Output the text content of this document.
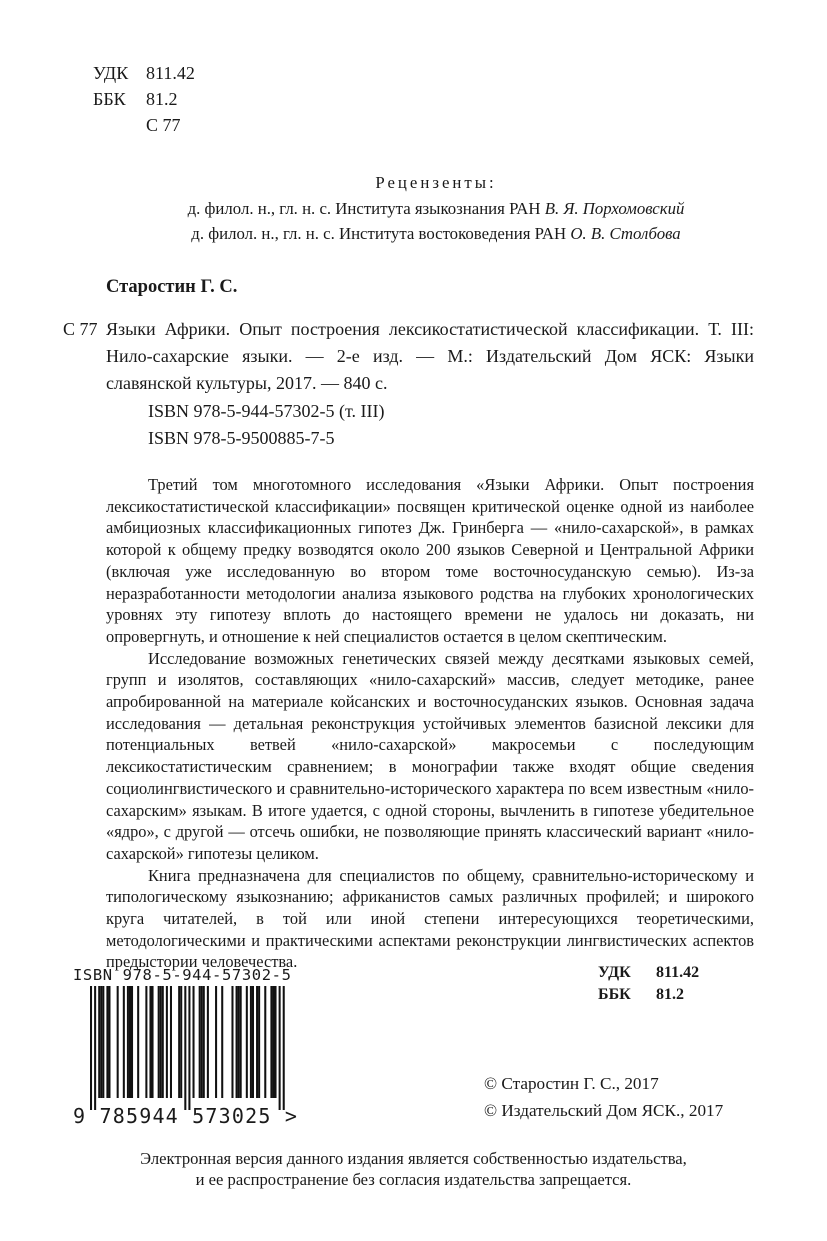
УДК 811.42
ББК	81.2
С 77
Рецензенты:
д. филол. н., гл. н. с. Института языкознания РАН В. Я. Порхомовский
д. филол. н., гл. н. с. Института востоковедения РАН О. В. Столбова
Старостин Г. С.
С 77 Языки Африки. Опыт построения лексикостатистической классификации. Т. III: Нило-сахарские языки. — 2-е изд. — М.: Издательский Дом ЯСК: Языки славянской культуры, 2017. — 840 с.
ISBN 978-5-944-57302-5 (т. III)
ISBN 978-5-9500885-7-5

Третий том многотомного исследования «Языки Африки. Опыт построения лексикостатистической классификации» посвящен критической оценке одной из наиболее амбициозных классификационных гипотез Дж. Гринберга — «нило-сахарской», в рамках которой к общему предку возводятся около 200 языков Северной и Центральной Африки (включая уже исследованную во втором томе восточносуданскую семью). Из-за неразработанности методологии анализа языкового родства на глубоких хронологических уровнях эту гипотезу вплоть до настоящего времени не удалось ни доказать, ни опровергнуть, и отношение к ней специалистов остается в целом скептическим.

Исследование возможных генетических связей между десятками языковых семей, групп и изолятов, составляющих «нило-сахарский» массив, следует методике, ранее апробированной на материале койсанских и восточносуданских языков. Основная задача исследования — детальная реконструкция устойчивых элементов базисной лексики для потенциальных ветвей «нило-сахарской» макросемьи с последующим лексикостатистическим сравнением; в монографии также входят общие сведения социолингвистического и сравнительно-исторического характера по всем известным «нило-сахарским» языкам. В итоге удается, с одной стороны, вычленить в гипотезе убедительное «ядро», с другой — отсечь ошибки, не позволяющие принять классический вариант «нило-сахарской» гипотезы целиком.

Книга предназначена для специалистов по общему, сравнительно-историческому и типологическому языкознанию; африканистов самых различных профилей; и широкого круга читателей, в той или иной степени интересующихся теоретическими, методологическими и практическими аспектами реконструкции лингвистических аспектов предыстории человечества.

ISBN 978-5-944-57302-5
9 785944 573025 >
УДК	811.42
ББК	81.2
© Старостин Г. С., 2017
© Издательский Дом ЯСК., 2017
Электронная версия данного издания является собственностью издательства,
и ее распространение без согласия издательства запрещается.
